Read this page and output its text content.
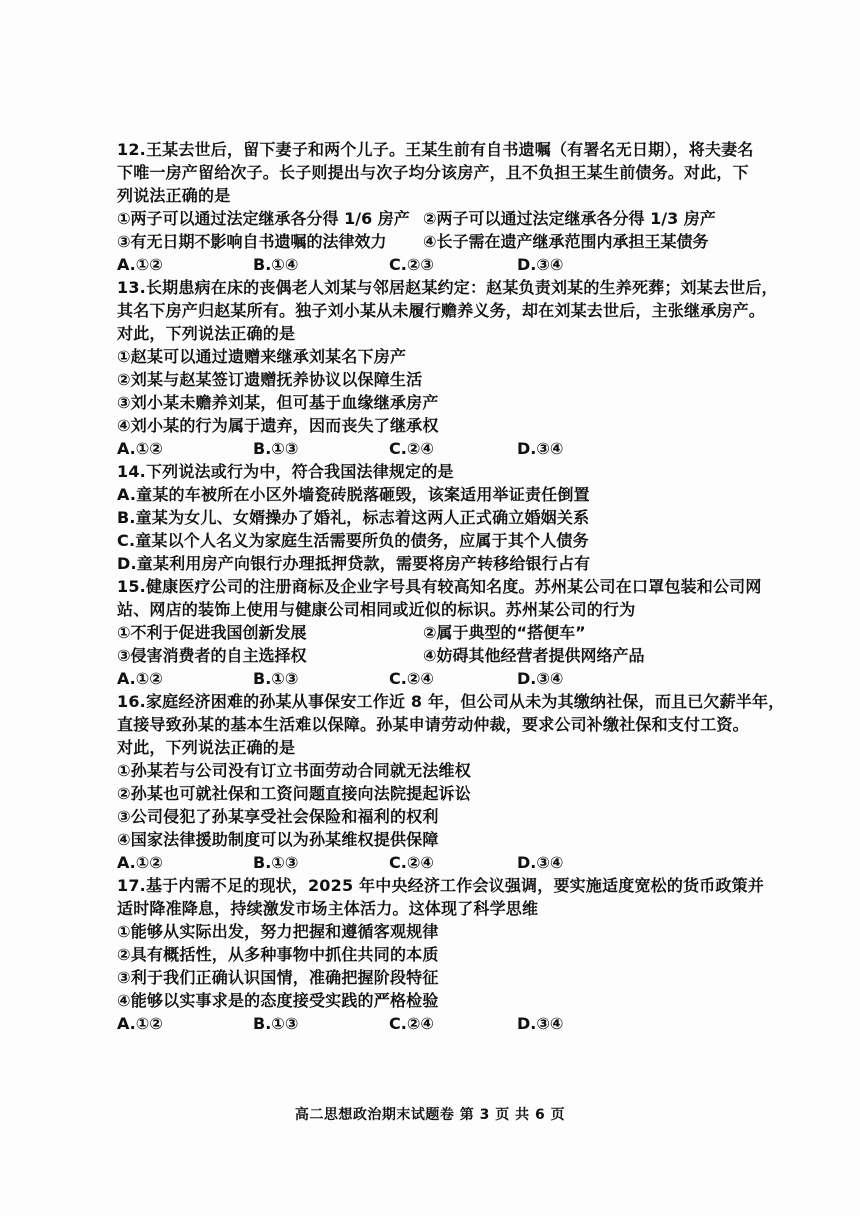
12.王某去世后，留下妻子和两个儿子。王某生前有自书遗嘱（有署名无日期），将夫妻名
下唯一房产留给次子。长子则提出与次子均分该房产，且不负担王某生前债务。对此，下
列说法正确的是
①两子可以通过法定继承各分得 1/6 房产 ②两子可以通过法定继承各分得 1/3 房产
③有无日期不影响自书遗嘱的法律效力	④长子需在遗产继承范围内承担王某债务
A.①②	B.①④	C.②③	D.③④
13.长期患病在床的丧偶老人刘某与邻居赵某约定：赵某负责刘某的生养死葬；刘某去世后，
其名下房产归赵某所有。独子刘小某从未履行赡养义务，却在刘某去世后，主张继承房产。
对此，下列说法正确的是
①赵某可以通过遗赠来继承刘某名下房产
②刘某与赵某签订遗赠抚养协议以保障生活
③刘小某未赡养刘某，但可基于血缘继承房产
④刘小某的行为属于遗弃，因而丧失了继承权
A.①②	B.①③	C.②④	D.③④
14.下列说法或行为中，符合我国法律规定的是
A.童某的车被所在小区外墙瓷砖脱落砸毁，该案适用举证责任倒置
B.童某为女儿、女婿操办了婚礼，标志着这两人正式确立婚姻关系
C.童某以个人名义为家庭生活需要所负的债务，应属于其个人债务
D.童某利用房产向银行办理抵押贷款，需要将房产转移给银行占有
15.健康医疗公司的注册商标及企业字号具有较高知名度。苏州某公司在口罩包装和公司网
站、网店的装饰上使用与健康公司相同或近似的标识。苏州某公司的行为
①不利于促进我国创新发展	②属于典型的“搭便车”
③侵害消费者的自主选择权	④妨碍其他经营者提供网络产品
A.①②	B.①③	C.②④	D.③④
16.家庭经济困难的孙某从事保安工作近 8 年，但公司从未为其缴纳社保，而且已欠薪半年，
直接导致孙某的基本生活难以保障。孙某申请劳动仲裁，要求公司补缴社保和支付工资。
对此，下列说法正确的是
①孙某若与公司没有订立书面劳动合同就无法维权
②孙某也可就社保和工资问题直接向法院提起诉讼
③公司侵犯了孙某享受社会保险和福利的权利
④国家法律援助制度可以为孙某维权提供保障
A.①②	B.①③	C.②④	D.③④
17.基于内需不足的现状，2025 年中央经济工作会议强调，要实施适度宽松的货币政策并
适时降准降息，持续激发市场主体活力。这体现了科学思维
①能够从实际出发，努力把握和遵循客观规律
②具有概括性，从多种事物中抓住共同的本质
③利于我们正确认识国情，准确把握阶段特征
④能够以实事求是的态度接受实践的严格检验
A.①②	B.①③	C.②④	D.③④
高二思想政治期末试题卷 第 3 页 共 6 页
